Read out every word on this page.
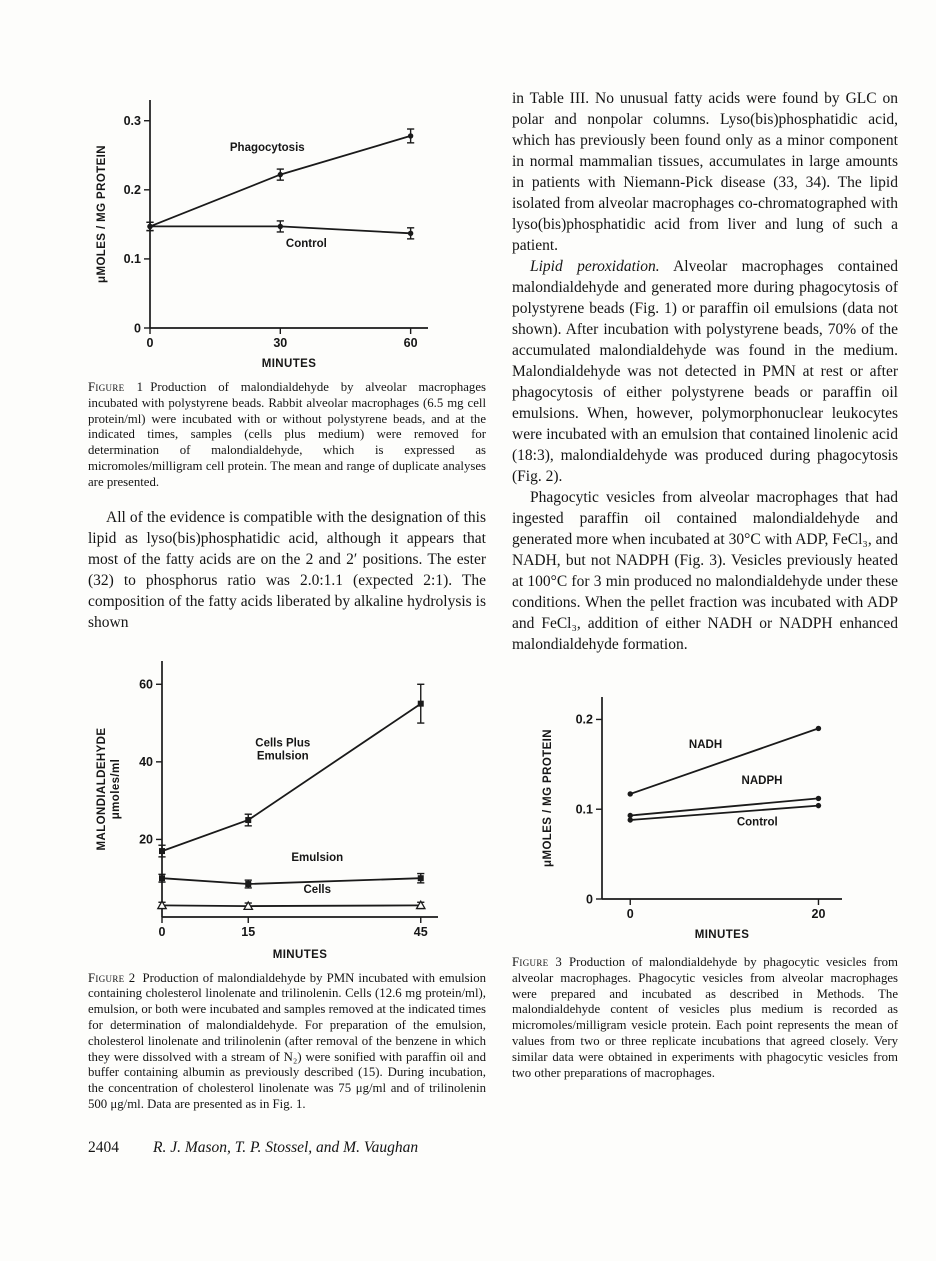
0
0.1
0.2
0.3
0	30	60
MINUTES
μMOLES / MG PROTEIN	Phagocytosis
Control

Figure 1 Production of malondialdehyde by alveolar macrophages incubated with polystyrene beads. Rabbit alveolar macrophages (6.5 mg cell protein/ml) were incubated with or without polystyrene beads, and at the indicated times, samples (cells plus medium) were removed for determination of malondialdehyde, which is expressed as micromoles/milligram cell protein. The mean and range of duplicate analyses are presented.

All of the evidence is compatible with the designation of this lipid as lyso(bis)phosphatidic acid, although it appears that most of the fatty acids are on the 2 and 2′ positions. The ester (32) to phosphorus ratio was 2.0:1.1 (expected 2:1). The composition of the fatty acids liberated by alkaline hydrolysis is shown

20
40
60
0	15	45
MINUTES
MALONDIALDEHYDE μmoles/ml
Cells Plus
Emulsion
Emulsion
Cells

Figure 2 Production of malondialdehyde by PMN incubated with emulsion containing cholesterol linolenate and trilinolenin. Cells (12.6 mg protein/ml), emulsion, or both were incubated and samples removed at the indicated times for determination of malondialdehyde. For preparation of the emulsion, cholesterol linolenate and trilinolenin (after removal of the benzene in which they were dissolved with a stream of N₂) were sonified with paraffin oil and buffer containing albumin as previously described (15). During incubation, the concentration of cholesterol linolenate was 75 μg/ml and of trilinolenin 500 μg/ml. Data are presented as in Fig. 1.

2404 R. J. Mason, T. P. Stossel, and M. Vaughan

in Table III. No unusual fatty acids were found by GLC on polar and nonpolar columns. Lyso(bis)phosphatidic acid, which has previously been found only as a minor component in normal mammalian tissues, accumulates in large amounts in patients with Niemann-Pick disease (33, 34). The lipid isolated from alveolar macrophages co-chromatographed with lyso(bis)phosphatidic acid from liver and lung of such a patient.

Lipid peroxidation. Alveolar macrophages contained malondialdehyde and generated more during phagocytosis of polystyrene beads (Fig. 1) or paraffin oil emulsions (data not shown). After incubation with polystyrene beads, 70% of the accumulated malondialdehyde was found in the medium. Malondialdehyde was not detected in PMN at rest or after phagocytosis of either polystyrene beads or paraffin oil emulsions. When, however, polymorphonuclear leukocytes were incubated with an emulsion that contained linolenic acid (18:3), malondialdehyde was produced during phagocytosis (Fig. 2).

Phagocytic vesicles from alveolar macrophages that had ingested paraffin oil contained malondialdehyde and generated more when incubated at 30°C with ADP, FeCl₃, and NADH, but not NADPH (Fig. 3). Vesicles previously heated at 100°C for 3 min produced no malondialdehyde under these conditions. When the pellet fraction was incubated with ADP and FeCl₃, addition of either NADH or NADPH enhanced malondialdehyde formation.

0
0.1
0.2
0	20
MINUTES
μMOLES / MG PROTEIN	NADH
NADPH
Control

Figure 3 Production of malondialdehyde by phagocytic vesicles from alveolar macrophages. Phagocytic vesicles from alveolar macrophages were prepared and incubated as described in Methods. The malondialdehyde content of vesicles plus medium is recorded as micromoles/milligram vesicle protein. Each point represents the mean of values from two or three replicate incubations that agreed closely. Very similar data were obtained in experiments with phagocytic vesicles from two other preparations of macrophages.
